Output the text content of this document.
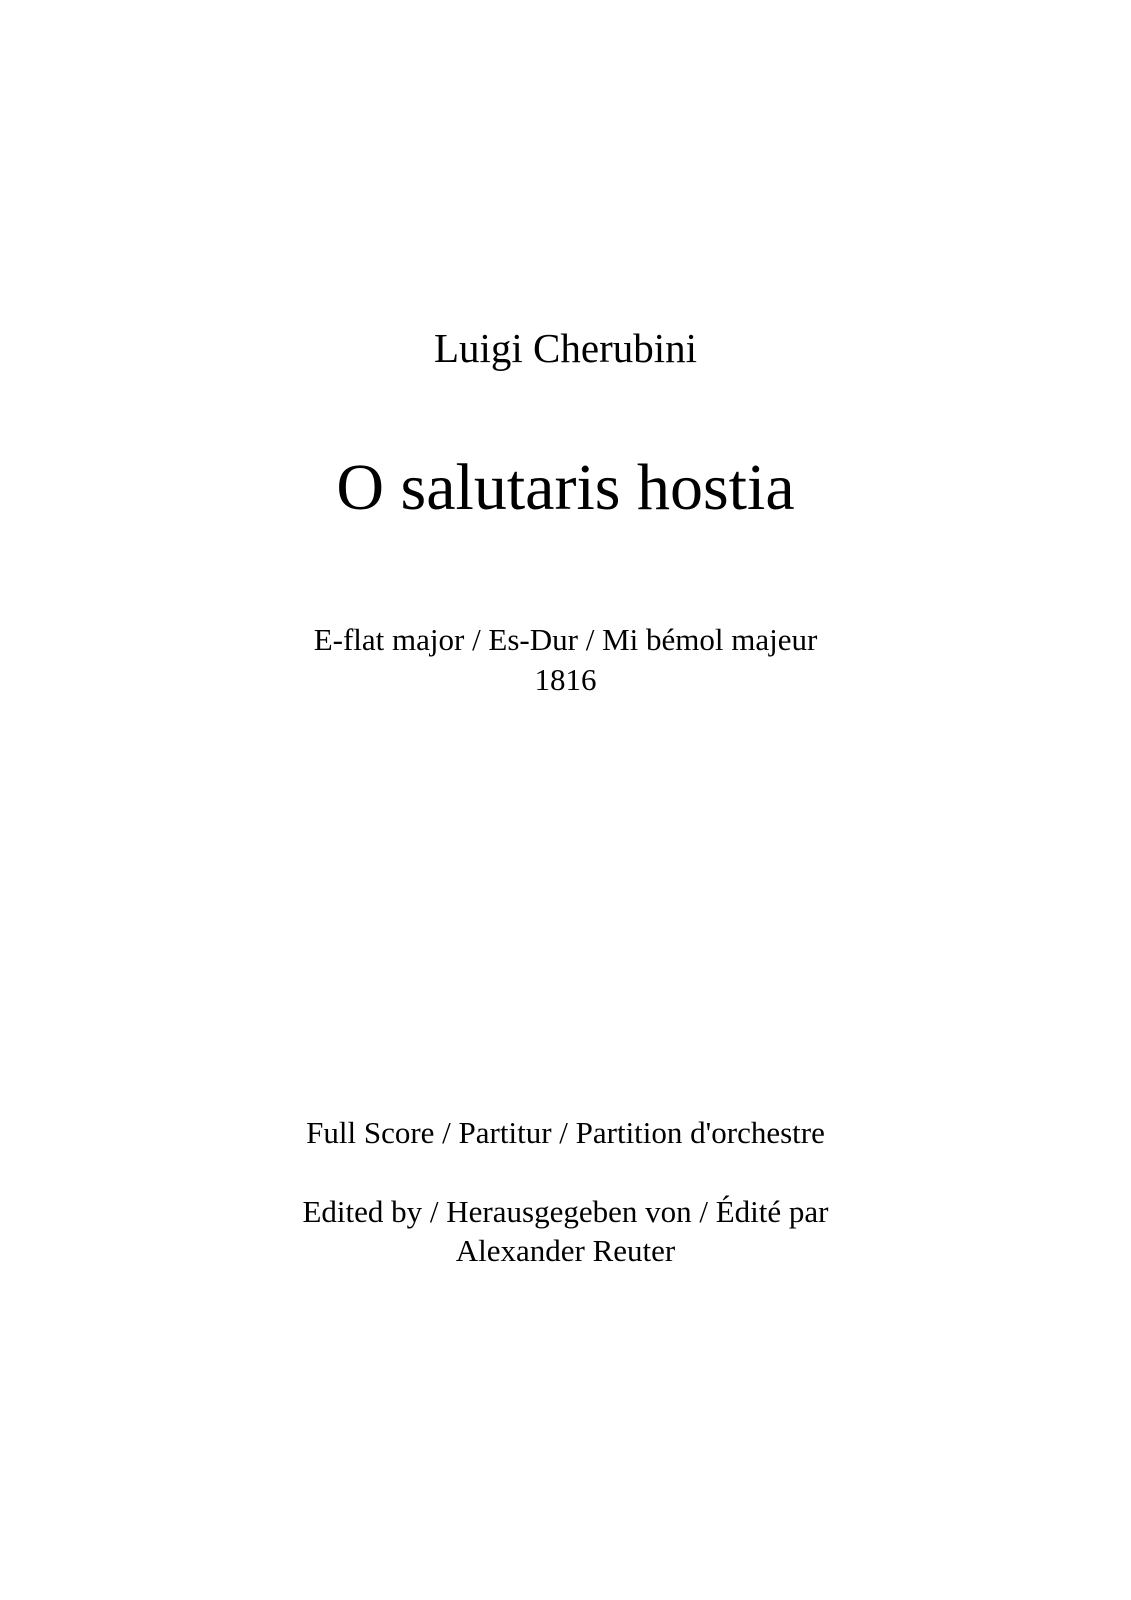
Luigi Cherubini
O salutaris hostia
E-flat major / Es-Dur / Mi bémol majeur
1816
Full Score / Partitur / Partition d'orchestre
Edited by / Herausgegeben von / Édité par
Alexander Reuter
